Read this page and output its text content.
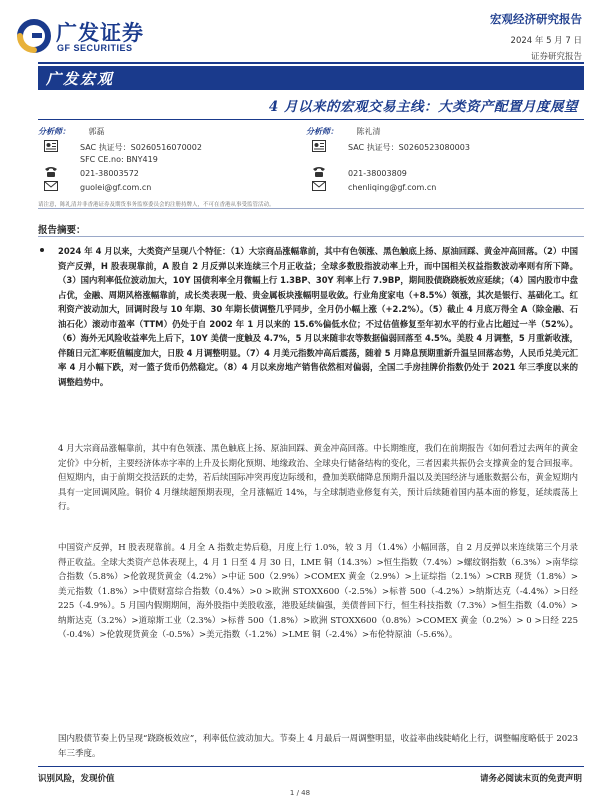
广发证券
GF SECURITIES
宏观经济研究报告
2024 年 5 月 7 日
证券研究报告
广发宏观
4 月以来的宏观交易主线：大类资产配置月度展望
分析师： 郭磊
SAC 执证号：S0260516070002
SFC CE.no: BNY419
021-38003572
guolei@gf.com.cn
分析师： 陈礼清
SAC 执证号：S0260523080003
021-38003809
chenliqing@gf.com.cn
请注意，陈礼清并非香港证券及期货事务监察委员会的注册持牌人，不可在香港从事受监管活动。
报告摘要：
2024 年 4 月以来，大类资产呈现八个特征：（1）大宗商品涨幅靠前，其中有色领涨、黑色触底上扬、原油回踩、黄金冲高回落。（2）中国资产反弹，H 股表现靠前，A 股自 2 月反弹以来连续三个月正收益；全球多数股指波动率上升，而中国相关权益指数波动率则有所下降。（3）国内利率低位波动加大，10Y 国债利率全月微幅上行 1.3BP、30Y 利率上行 7.9BP，期间股债跷跷板效应延续；（4）国内股市中盘占优，金融、周期风格涨幅靠前，成长类表现一般、贵金属板块涨幅明显收敛。行业角度家电（+8.5%）领涨，其次是银行、基础化工。红利资产波动加大，回调时段与 10 年期、30 年期长债调整几乎同步，全月仍小幅上涨（+2.2%）。（5）截止 4 月底万得全 A（除金融、石油石化）滚动市盈率（TTM）仍处于自 2002 年 1 月以来的 15.6%偏低水位；不过估值修复至年初水平的行业占比超过一半（52%）。（6）海外无风险收益率先上后下，10Y 美债一度触及 4.7%，5 月以来随非农等数据偏弱回落至 4.5%。美股 4 月调整，5 月重新收涨，伴随日元汇率贬值幅度加大，日股 4 月调整明显。（7）4 月美元指数冲高后震荡，随着 5 月降息预期重新升温呈回落态势，人民币兑美元汇率 4 月小幅下跌，对一篮子货币仍然稳定。（8）4 月以来房地产销售依然相对偏弱，全国二手房挂牌价指数仍处于 2021 年三季度以来的调整趋势中。
4 月大宗商品涨幅靠前，其中有色领涨、黑色触底上扬、原油回踩、黄金冲高回落。中长期维度，我们在前期报告《如何看过去两年的黄金定价》中分析，主要经济体赤字率的上升及长期化预期、地缘政治、全球央行储备结构的变化，三者因素共振仍会支撑黄金的复合回报率。但短期内，由于前期交投活跃的走势，若后续国际冲突再度边际缓和，叠加美联储降息预期升温以及美国经济与通胀数据公布，黄金短期内具有一定回调风险。铜价 4 月继续超预期表现，全月涨幅近 14%，与全球制造业修复有关，预计后续随着国内基本面的修复，延续震荡上行。
中国资产反弹，H 股表现靠前。4 月全 A 指数走势后稳，月度上行 1.0%，较 3 月（1.4%）小幅回落，自 2 月反弹以来连续第三个月录得正收益。全球大类资产总体表现上，4 月 1 日至 4 月 30 日，LME 铜（14.3%）>恒生指数（7.4%）>螺纹钢指数（6.3%）>南华综合指数（5.8%）>伦敦现货黄金（4.2%）>中证 500（2.9%）>COMEX 黄金（2.9%）>上证综指（2.1%）>CRB 现货（1.8%）>美元指数（1.8%）>中债财富综合指数（0.4%）>0 >欧洲 STOXX600（-2.5%）>标普 500（-4.2%）>纳斯达克（-4.4%）>日经 225（-4.9%）。5 月国内假期期间，海外股指中美股收涨，港股延续偏强，美债普回下行，恒生科技指数（7.3%）>恒生指数（4.0%）>纳斯达克（3.2%）>道琼斯工业（2.3%）>标普 500（1.8%）>欧洲 STOXX600（0.8%）>COMEX 黄金（0.2%）> 0 >日经 225（-0.4%）>伦敦现货黄金（-0.5%）>美元指数（-1.2%）>LME 铜（-2.4%）>布伦特原油（-5.6%）。
国内股债节奏上仍呈现“跷跷板效应”，利率低位波动加大。节奏上 4 月最后一周调整明显，收益率曲线陡峭化上行，调整幅度略低于 2023 年三季度。
识别风险，发现价值	请务必阅读末页的免责声明
1 / 48
